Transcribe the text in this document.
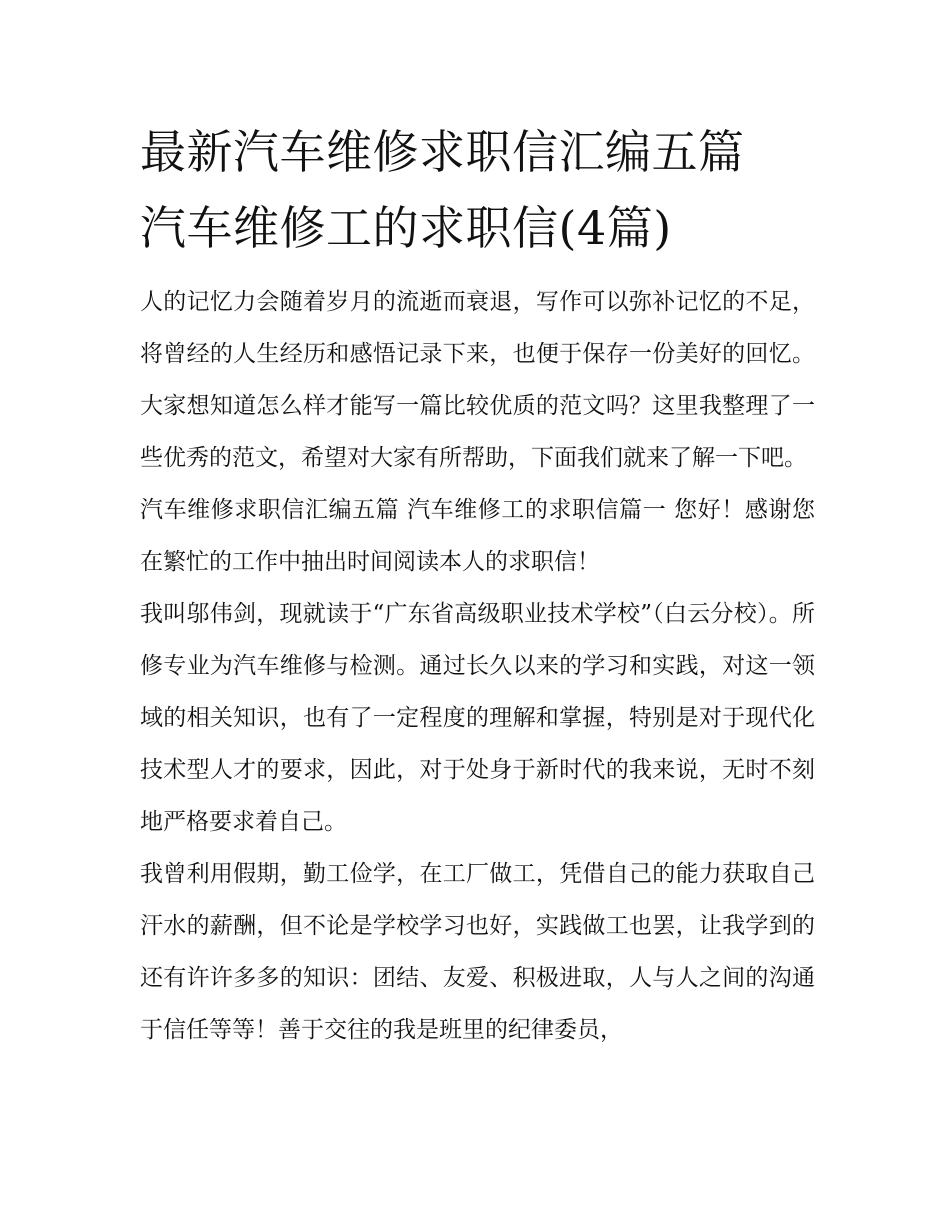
最新汽车维修求职信汇编五篇
汽车维修工的求职信(4篇)

人的记忆力会随着岁月的流逝而衰退，写作可以弥补记忆的不足，将曾经的人生经历和感悟记录下来，也便于保存一份美好的回忆。大家想知道怎么样才能写一篇比较优质的范文吗？这里我整理了一些优秀的范文，希望对大家有所帮助，下面我们就来了解一下吧。

汽车维修求职信汇编五篇 汽车维修工的求职信篇一 您好！感谢您在繁忙的工作中抽出时间阅读本人的求职信！

我叫邬伟剑，现就读于“广东省高级职业技术学校”（白云分校）。所修专业为汽车维修与检测。通过长久以来的学习和实践，对这一领域的相关知识，也有了一定程度的理解和掌握，特别是对于现代化技术型人才的要求，因此，对于处身于新时代的我来说，无时不刻地严格要求着自己。

我曾利用假期，勤工俭学，在工厂做工，凭借自己的能力获取自己汗水的薪酬，但不论是学校学习也好，实践做工也罢，让我学到的还有许许多多的知识：团结、友爱、积极进取，人与人之间的沟通于信任等等！善于交往的我是班里的纪律委员，
